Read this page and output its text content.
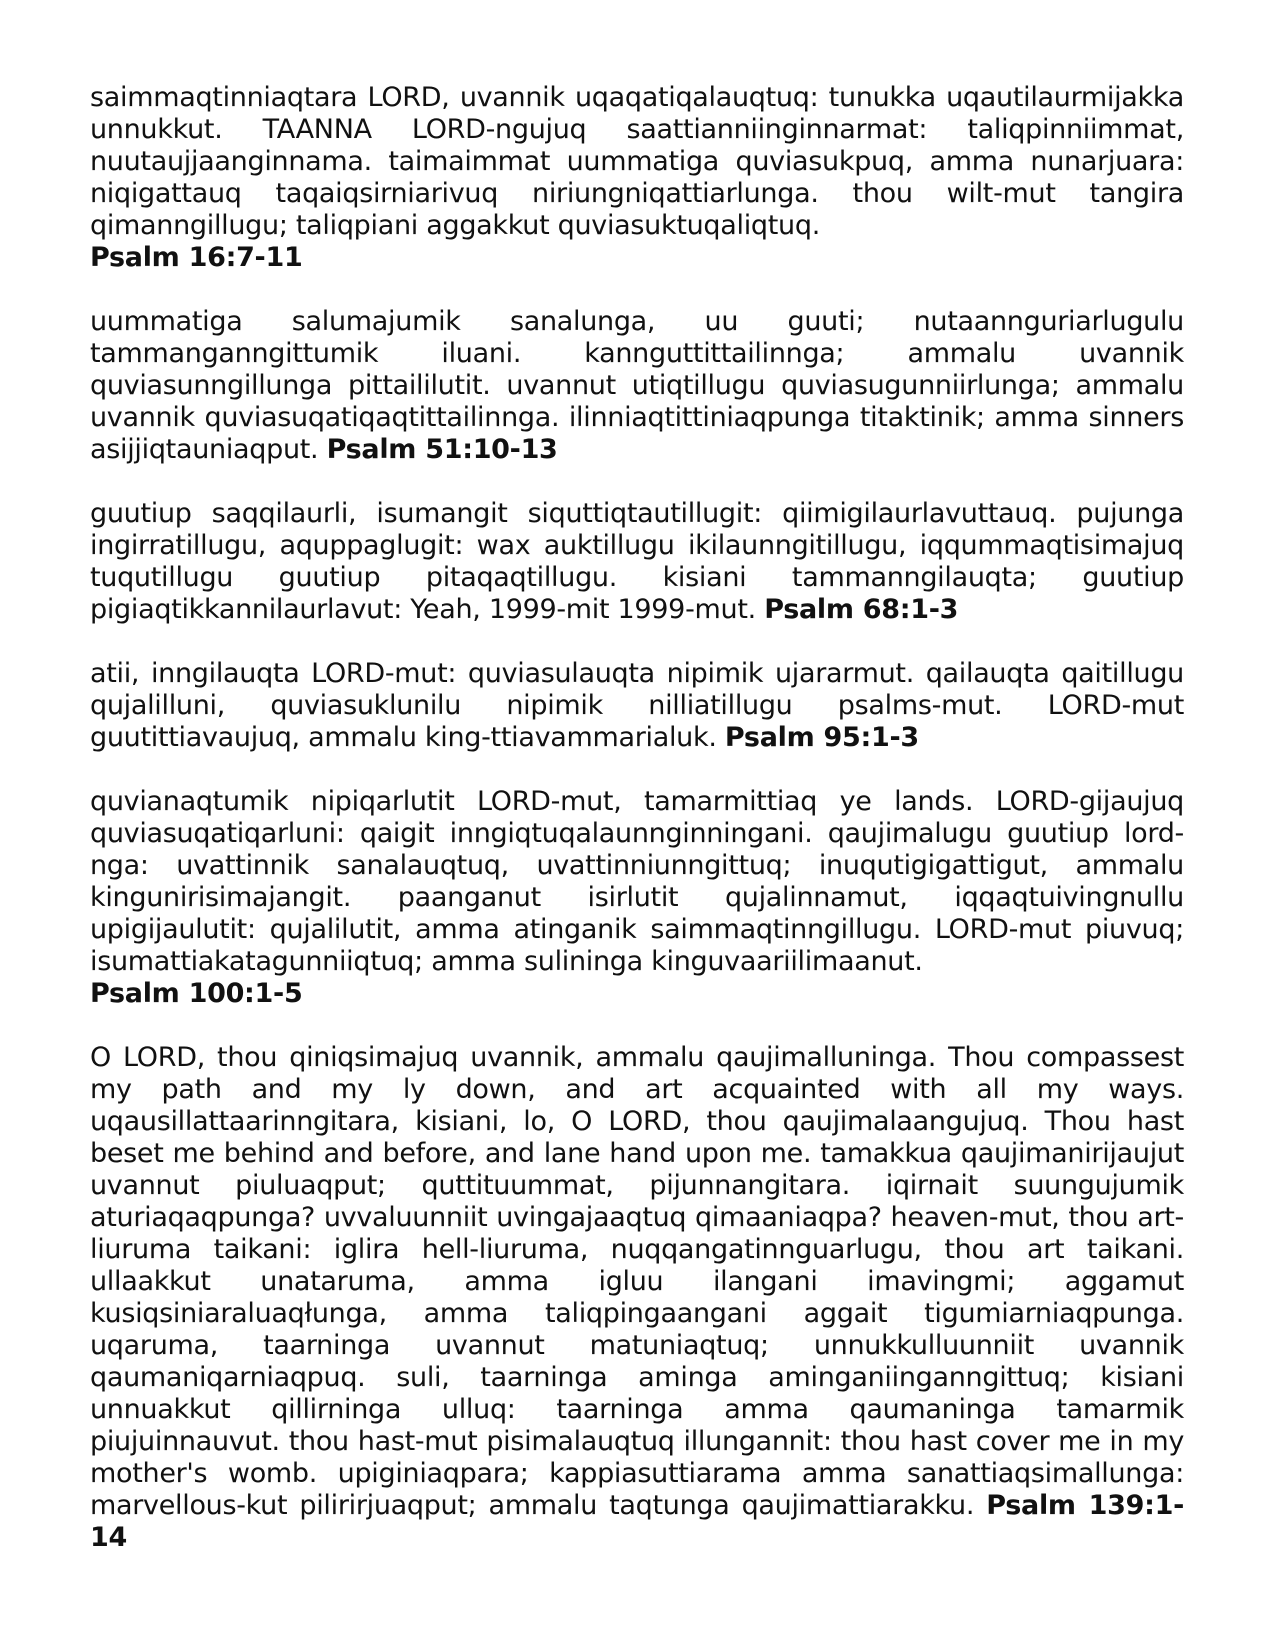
saimmaqtinniaqtara LORD, uvannik uqaqatiqalauqtuq: tunukka uqautilaurmijakka unnukkut. TAANNA LORD-ngujuq saattianniinginnarmat: taliqpinniimmat, nuutaujjaanginnama. taimaimmat uummatiga quviasukpuq, amma nunarjuara: niqigattauq taqaiqsirniarivuq niriungniqattiarlunga. thou wilt-mut tangira qimanngillugu; taliqpiani aggakkut quviasuktuqaliqtuq.
Psalm 16:7-11

uummatiga salumajumik sanalunga, uu guuti; nutaannguriarlugulu tammanganngittumik iluani. kannguttittailinnga; ammalu uvannik quviasunngillunga pittaililutit. uvannut utiqtillugu quviasugunniirlunga; ammalu uvannik quviasuqatiqaqtittailinnga. ilinniaqtittiniaqpunga titaktinik; amma sinners asijjiqtauniaqput. Psalm 51:10-13

guutiup saqqilaurli, isumangit siquttiqtautillugit: qiimigilaurlavuttauq. pujunga ingirratillugu, aquppaglugit: wax auktillugu ikilaunngitillugu, iqqummaqtisimajuq tuqutillugu guutiup pitaqaqtillugu. kisiani tammanngilauqta; guutiup pigiaqtikkannilaurlavut: Yeah, 1999-mit 1999-mut. Psalm 68:1-3

atii, inngilauqta LORD-mut: quviasulauqta nipimik ujararmut. qailauqta qaitillugu qujalilluni, quviasuklunilu nipimik nilliatillugu psalms-mut. LORD-mut guutittiavaujuq, ammalu king-ttiavammarialuk. Psalm 95:1-3

quvianaqtumik nipiqarlutit LORD-mut, tamarmittiaq ye lands. LORD-gijaujuq quviasuqatiqarluni: qaigit inngiqtuqalaunnginningani. qaujimalugu guutiup lord-nga: uvattinnik sanalauqtuq, uvattinniunngittuq; inuqutigigattigut, ammalu kingunirisimajangit. paanganut isirlutit qujalinnamut, iqqaqtuivingnullu upigijaulutit: qujalilutit, amma atinganik saimmaqtinngillugu. LORD-mut piuvuq; isumattiakatagunniiqtuq; amma sulininga kinguvaariilimaanut.
Psalm 100:1-5

O LORD, thou qiniqsimajuq uvannik, ammalu qaujimalluninga. Thou compassest my path and my ly down, and art acquainted with all my ways. uqausillattaarinngitara, kisiani, lo, O LORD, thou qaujimalaangujuq. Thou hast beset me behind and before, and lane hand upon me. tamakkua qaujimanirijaujut uvannut piuluaqput; quttituummat, pijunnangitara. iqirnait suungujumik aturiaqaqpunga? uvvaluunniit uvingajaaqtuq qimaaniaqpa? heaven-mut, thou art-liuruma taikani: iglira hell-liuruma, nuqqangatinnguarlugu, thou art taikani. ullaakkut unataruma, amma igluu ilangani imavingmi; aggamut kusiqsiniaraluaqłunga, amma taliqpingaangani aggait tigumiarniaqpunga. uqaruma, taarninga uvannut matuniaqtuq; unnukkulluunniit uvannik qaumaniqarniaqpuq. suli, taarninga aminga aminganiinganngittuq; kisiani unnuakkut qillirninga ulluq: taarninga amma qaumaninga tamarmik piujuinnauvut. thou hast-mut pisimalauqtuq illungannit: thou hast cover me in my mother's womb. upiginiaqpara; kappiasuttiarama amma sanattiaqsimallunga: marvellous-kut pilirirjuaqput; ammalu taqtunga qaujimattiarakku. Psalm 139:1-14
